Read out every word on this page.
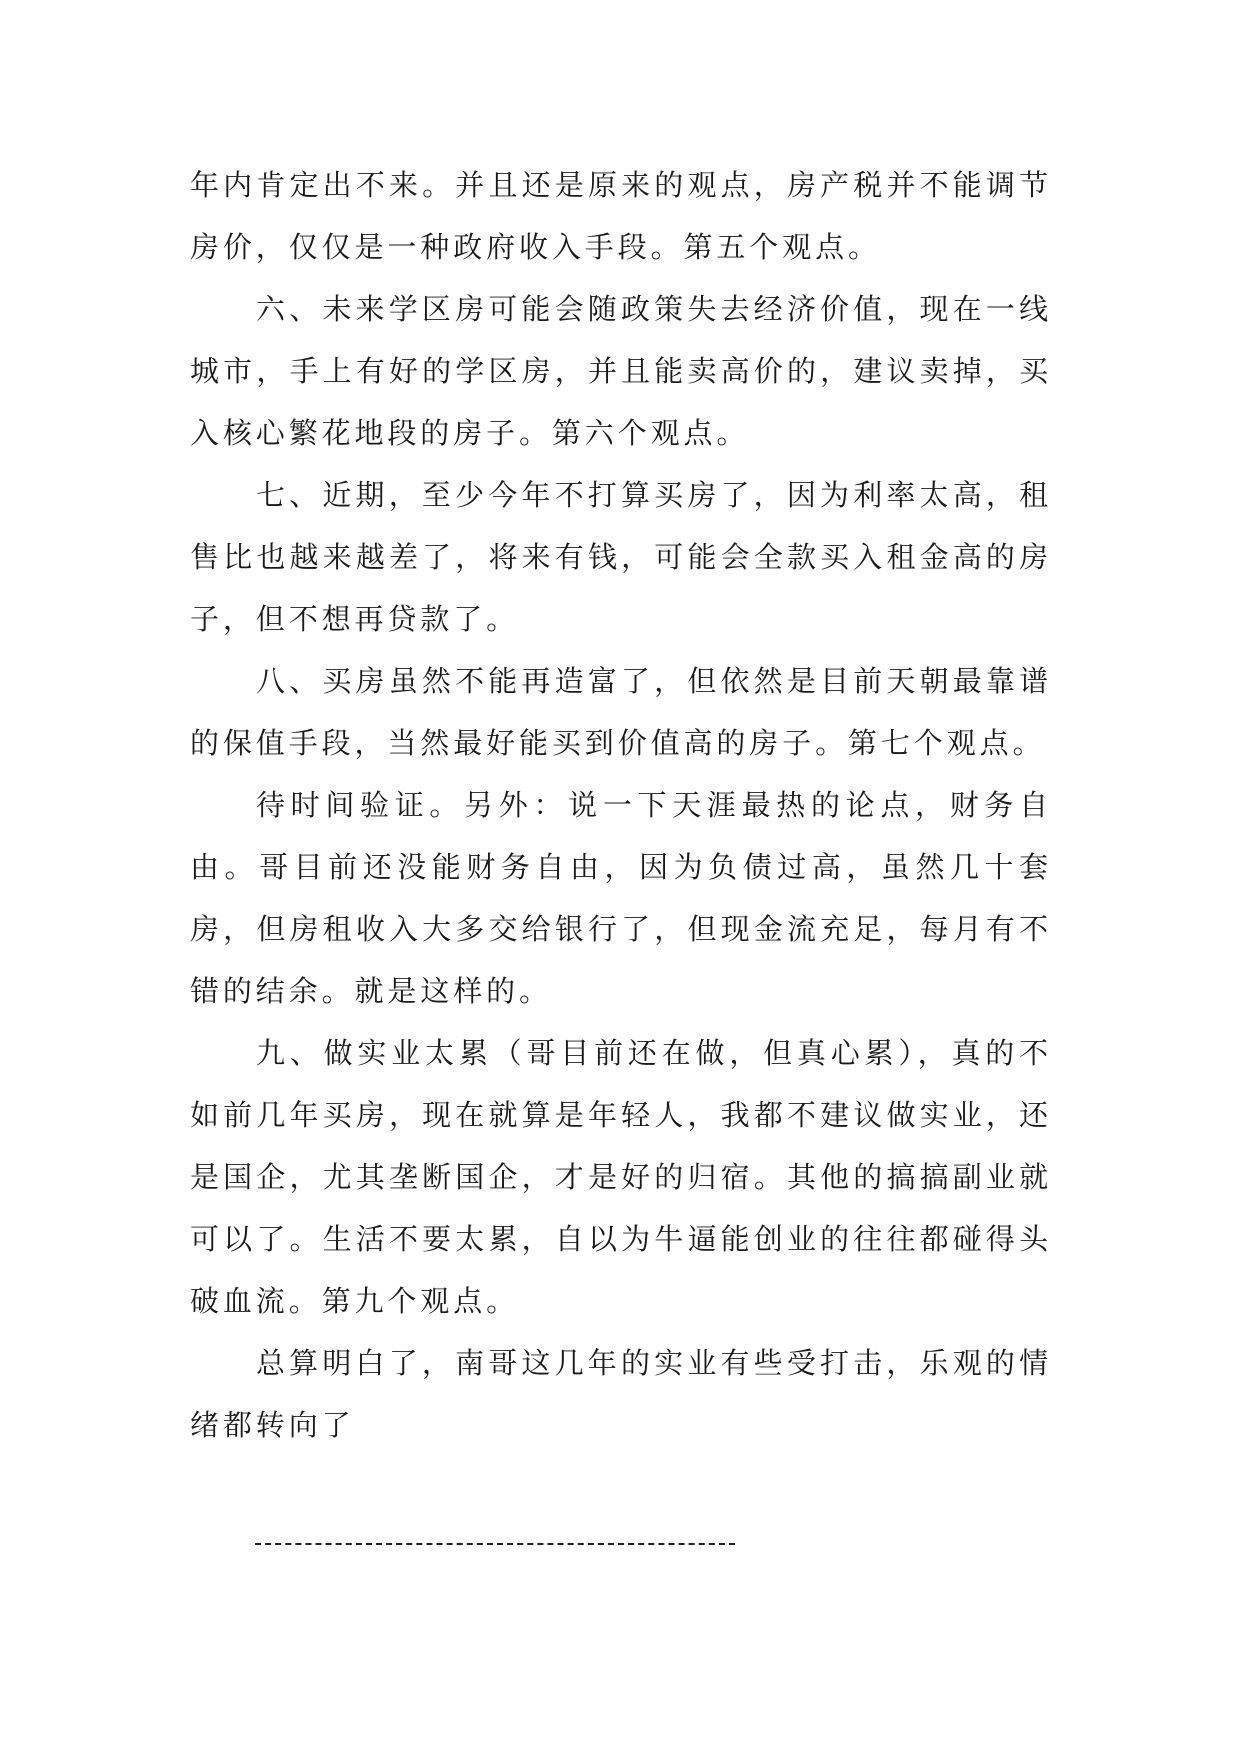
年内肯定出不来。并且还是原来的观点，房产税并不能调节房价，仅仅是一种政府收入手段。第五个观点。

六、未来学区房可能会随政策失去经济价值，现在一线城市，手上有好的学区房，并且能卖高价的，建议卖掉，买入核心繁花地段的房子。第六个观点。

七、近期，至少今年不打算买房了，因为利率太高，租售比也越来越差了，将来有钱，可能会全款买入租金高的房子，但不想再贷款了。

八、买房虽然不能再造富了，但依然是目前天朝最靠谱的保值手段，当然最好能买到价值高的房子。第七个观点。

待时间验证。另外：说一下天涯最热的论点，财务自由。哥目前还没能财务自由，因为负债过高，虽然几十套房，但房租收入大多交给银行了，但现金流充足，每月有不错的结余。就是这样的。

九、做实业太累（哥目前还在做，但真心累），真的不如前几年买房，现在就算是年轻人，我都不建议做实业，还是国企，尤其垄断国企，才是好的归宿。其他的搞搞副业就可以了。生活不要太累，自以为牛逼能创业的往往都碰得头破血流。第九个观点。

总算明白了，南哥这几年的实业有些受打击，乐观的情绪都转向了
